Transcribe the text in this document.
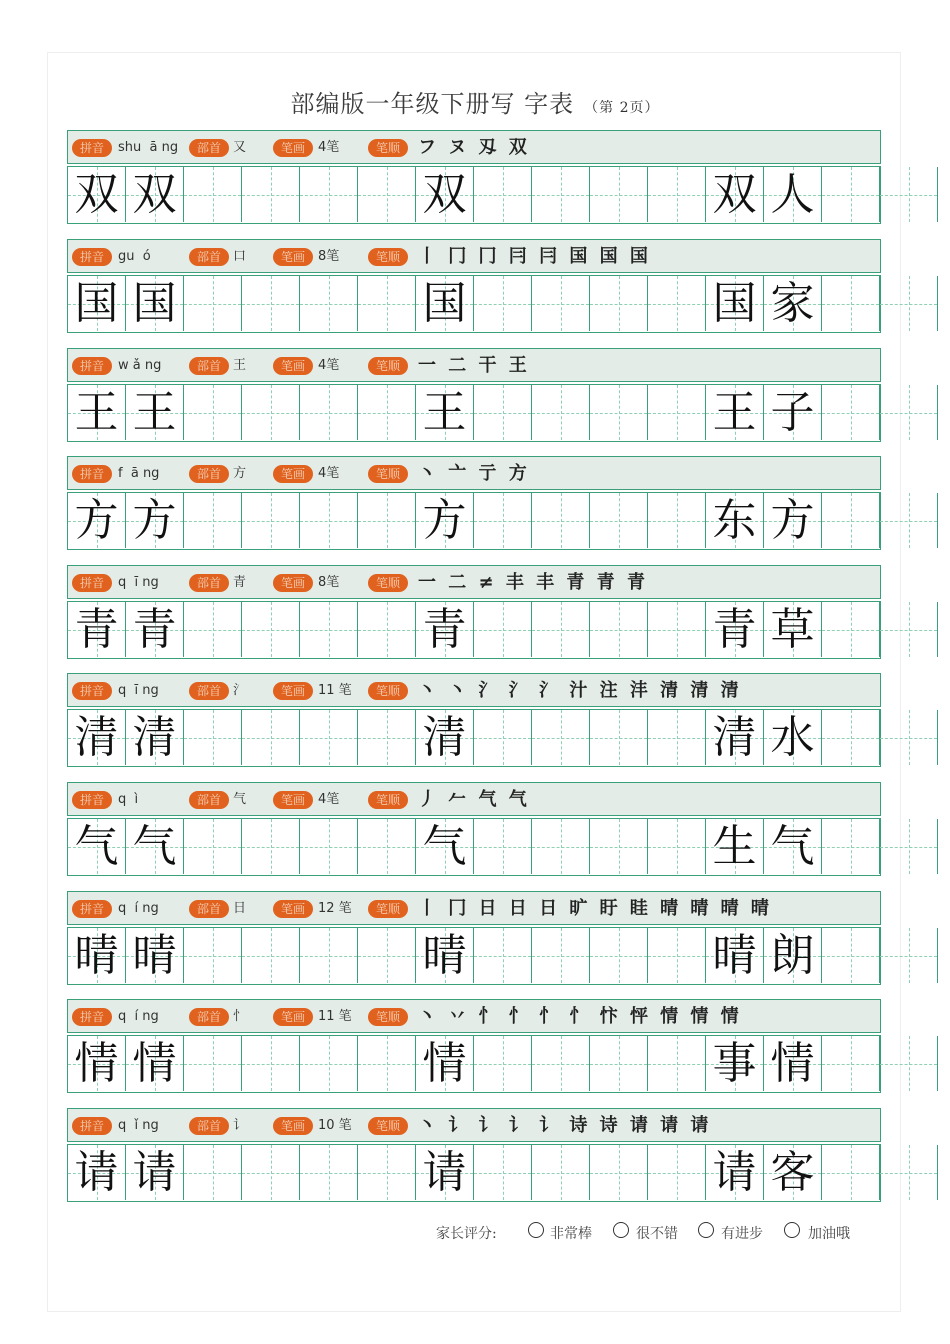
部编版一年级下册写 字表 （第 2页）
拼音	shu  ā ng	部首 又	笔画	4笔	笔顺	フ ヌ 刄 双
双 双	双	双 人
拼音	gu  ó	部首 口	笔画	8笔	笔顺	丨 冂 冂 冃 冃 国 国 国
国 国	国	国 家
拼音	w ǎ ng	部首 王	笔画	4笔	笔顺	一 二 干 王
王 王	王	王 子
拼音	f  ā ng	部首 方	笔画	4笔	笔顺	丶 亠 亍 方
方 方	方	东 方
拼音	q  ī ng	部首 青	笔画	8笔	笔顺	一 二 ≠ 丰 丰 青 青 青
青 青	青	青 草
拼音	q  ī ng	部首 氵	笔画	11 笔	笔顺	丶 丶 氵 氵 氵 汁 注 沣 清 清 清
清 清	清	清 水
拼音	q  ì	部首 气	笔画	4笔	笔顺	丿 𠂉 气 气
气 气	气	生 气
拼音	q  í ng	部首 日	笔画	12 笔	笔顺	丨 冂 日 日 日 旷 盱 眭 晴 晴 晴 晴
晴 晴	晴	晴 朗
拼音	q  í ng	部首 忄	笔画	11 笔	笔顺	丶 丷 忄 忄 忄 忄 忭 怦 情 情 情
情 情	情	事 情
拼音	q  ǐ ng	部首 讠	笔画	10 笔	笔顺	丶 讠 讠 讠 讠 诗 诗 请 请 请
请 请	请	请 客
家长评分:	非常棒	很不错	有进步	加油哦
